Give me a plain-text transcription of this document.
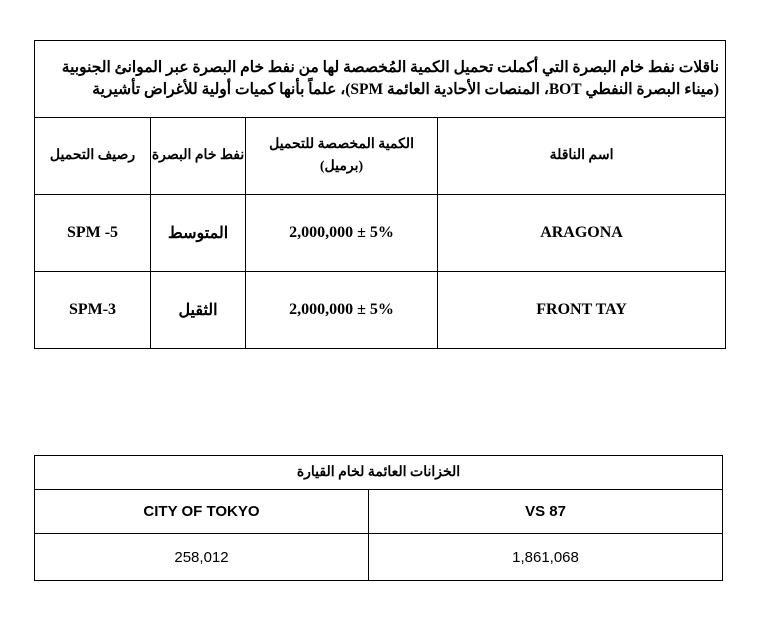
ناقلات نفط خام البصرة التي أكملت تحميل الكمية المُخصصة لها من نفط خام البصرة عبر الموانئ الجنوبية (ميناء البصرة النفطي BOT، المنصات الأحادية العائمة SPM)، علماً بأنها كميات أولية للأغراض تأشيرية			
اسم الناقلة	الكمية المخصصة للتحميل (برميل)	نفط خام البصرة	رصيف التحميل
ARAGONA	2,000,000 ± 5%	المتوسط	SPM -5
FRONT TAY	2,000,000 ± 5%	الثقيل	SPM-3
الخزانات العائمة لخام القيارة	
CITY OF TOKYO	VS 87
258,012	1,861,068
